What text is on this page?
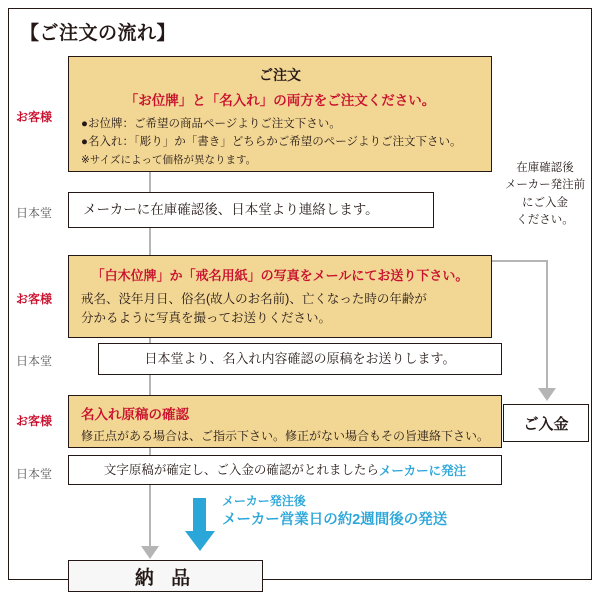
【ご注文の流れ】
お客様
日本堂
お客様
日本堂
お客様
日本堂
ご注文
「お位牌」と「名入れ」の両方をご注文ください。
●お位牌：ご希望の商品ページよりご注文下さい。
●名入れ：「彫り」か「書き」どちらかご希望のページよりご注文下さい。
※サイズによって価格が異なります。
メーカーに在庫確認後、日本堂より連絡します。
在庫確認後
メーカー発注前
にご入金
ください。
「白木位牌」か「戒名用紙」の写真をメールにてお送り下さい。
戒名、没年月日、俗名(故人のお名前)、亡くなった時の年齢が
分かるように写真を撮ってお送りください。
日本堂より、名入れ内容確認の原稿をお送りします。
名入れ原稿の確認
修正点がある場合は、ご指示下さい。修正がない場合もその旨連絡下さい。
文字原稿が確定し、ご入金の確認がとれましたら メーカーに発注
ご入金
メーカー発注後
メーカー営業日の約2週間後の発送
納 品
